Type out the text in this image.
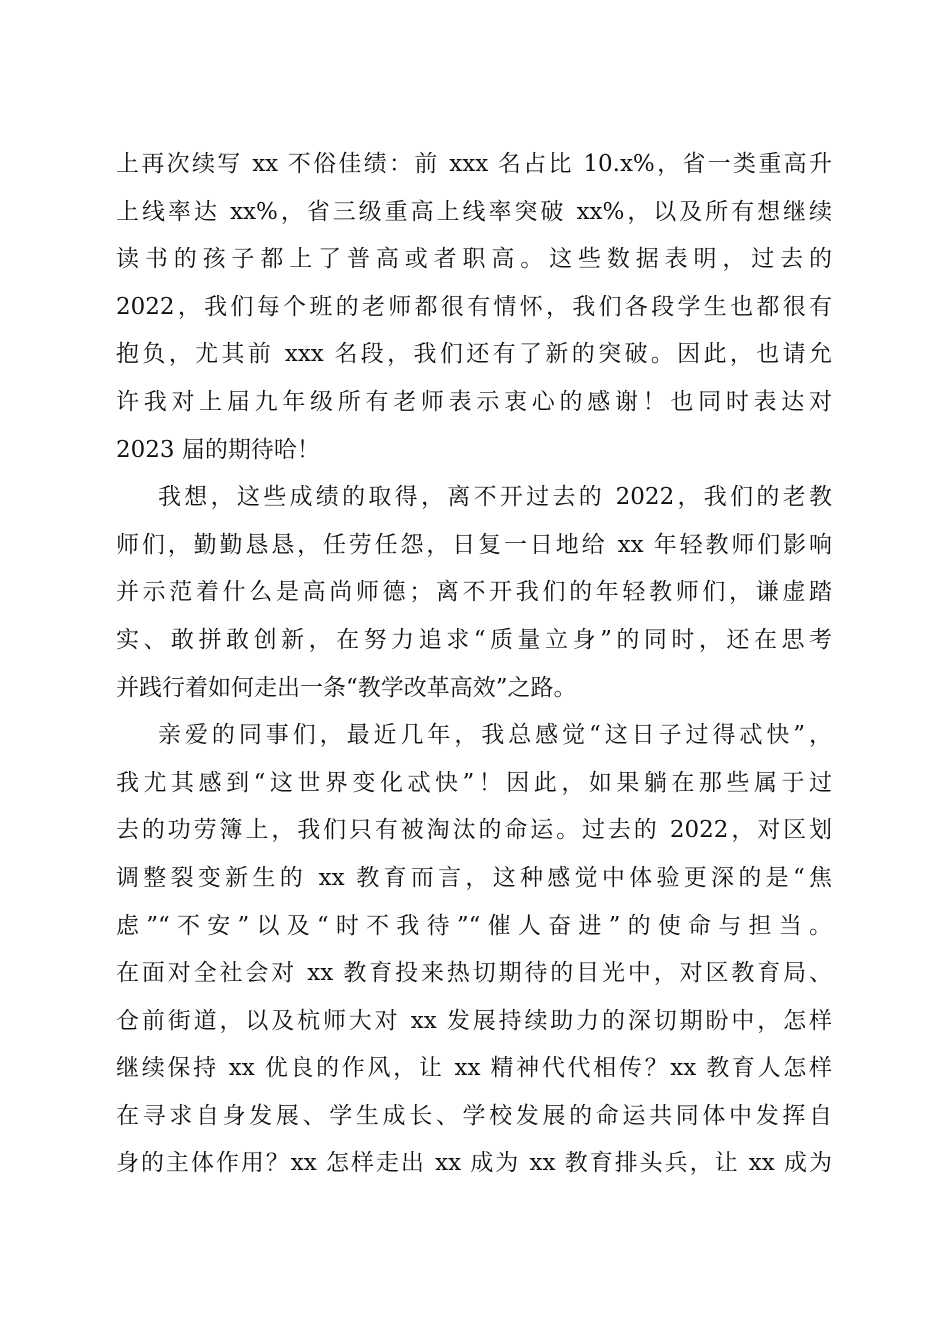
上再次续写 xx 不俗佳绩：前 xxx 名占比 10.x%，省一类重高升
上线率达 xx%，省三级重高上线率突破 xx%，以及所有想继续
读书的孩子都上了普高或者职高。这些数据表明，过去的
2022，我们每个班的老师都很有情怀，我们各段学生也都很有
抱负，尤其前 xxx 名段，我们还有了新的突破。因此，也请允
许我对上届九年级所有老师表示衷心的感谢！也同时表达对
2023 届的期待哈！
我想，这些成绩的取得，离不开过去的 2022，我们的老教
师们，勤勤恳恳，任劳任怨，日复一日地给 xx 年轻教师们影响
并示范着什么是高尚师德；离不开我们的年轻教师们，谦虚踏
实、敢拼敢创新，在努力追求“质量立身”的同时，还在思考
并践行着如何走出一条“教学改革高效”之路。
亲爱的同事们，最近几年，我总感觉“这日子过得忒快”，
我尤其感到“这世界变化忒快”！因此，如果躺在那些属于过
去的功劳簿上，我们只有被淘汰的命运。过去的 2022，对区划
调整裂变新生的 xx 教育而言，这种感觉中体验更深的是“焦
虑”“不安”以及“时不我待”“催人奋进”的使命与担当。
在面对全社会对 xx 教育投来热切期待的目光中，对区教育局、
仓前街道，以及杭师大对 xx 发展持续助力的深切期盼中，怎样
继续保持 xx 优良的作风，让 xx 精神代代相传？xx 教育人怎样
在寻求自身发展、学生成长、学校发展的命运共同体中发挥自
身的主体作用？xx 怎样走出 xx 成为 xx 教育排头兵，让 xx 成为
